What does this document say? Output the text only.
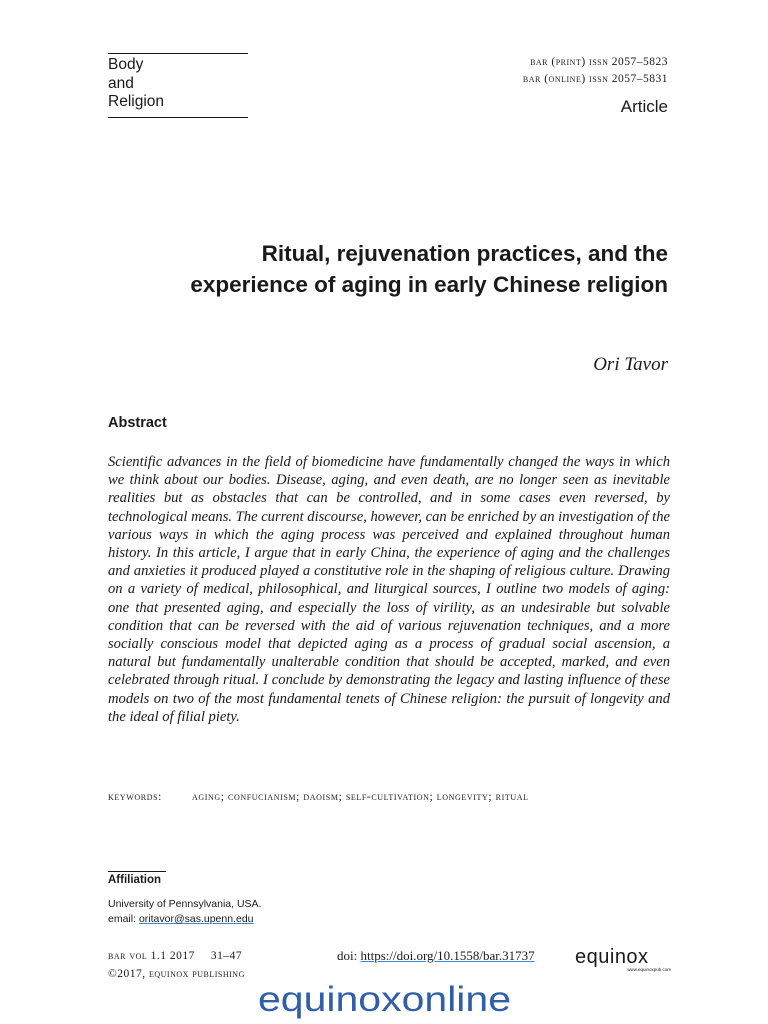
Body
and
Religion
bar (print) issn 2057–5823
bar (online) issn 2057–5831
Article
Ritual, rejuvenation practices, and the
experience of aging in early Chinese religion
Ori Tavor
Abstract
Scientific advances in the field of biomedicine have fundamentally changed the ways in which we think about our bodies. Disease, aging, and even death, are no longer seen as inevitable realities but as obstacles that can be controlled, and in some cases even reversed, by technological means. The current discourse, however, can be enriched by an investigation of the various ways in which the aging process was perceived and explained throughout human history. In this article, I argue that in early China, the experience of aging and the challenges and anxieties it produced played a constitutive role in the shaping of religious culture. Drawing on a variety of medical, philosophical, and liturgical sources, I outline two models of aging: one that presented aging, and especially the loss of virility, as an undesirable but solvable condition that can be reversed with the aid of various rejuvenation techniques, and a more socially conscious model that depicted aging as a process of gradual social ascension, a natural but fundamentally unalterable condition that should be accepted, marked, and even celebrated through ritual. I conclude by demonstrating the legacy and lasting influence of these models on two of the most fundamental tenets of Chinese religion: the pursuit of longevity and the ideal of filial piety.
keywords:	aging; confucianism; daoism; self-cultivation; longevity; ritual
Affiliation
University of Pennsylvania, USA.
email: oritavor@sas.upenn.edu
bar vol 1.1 2017 31–47
©2017, equinox publishing
doi: https://doi.org/10.1558/bar.31737 equinox
www.equinoxpub.com
equinoxonline
